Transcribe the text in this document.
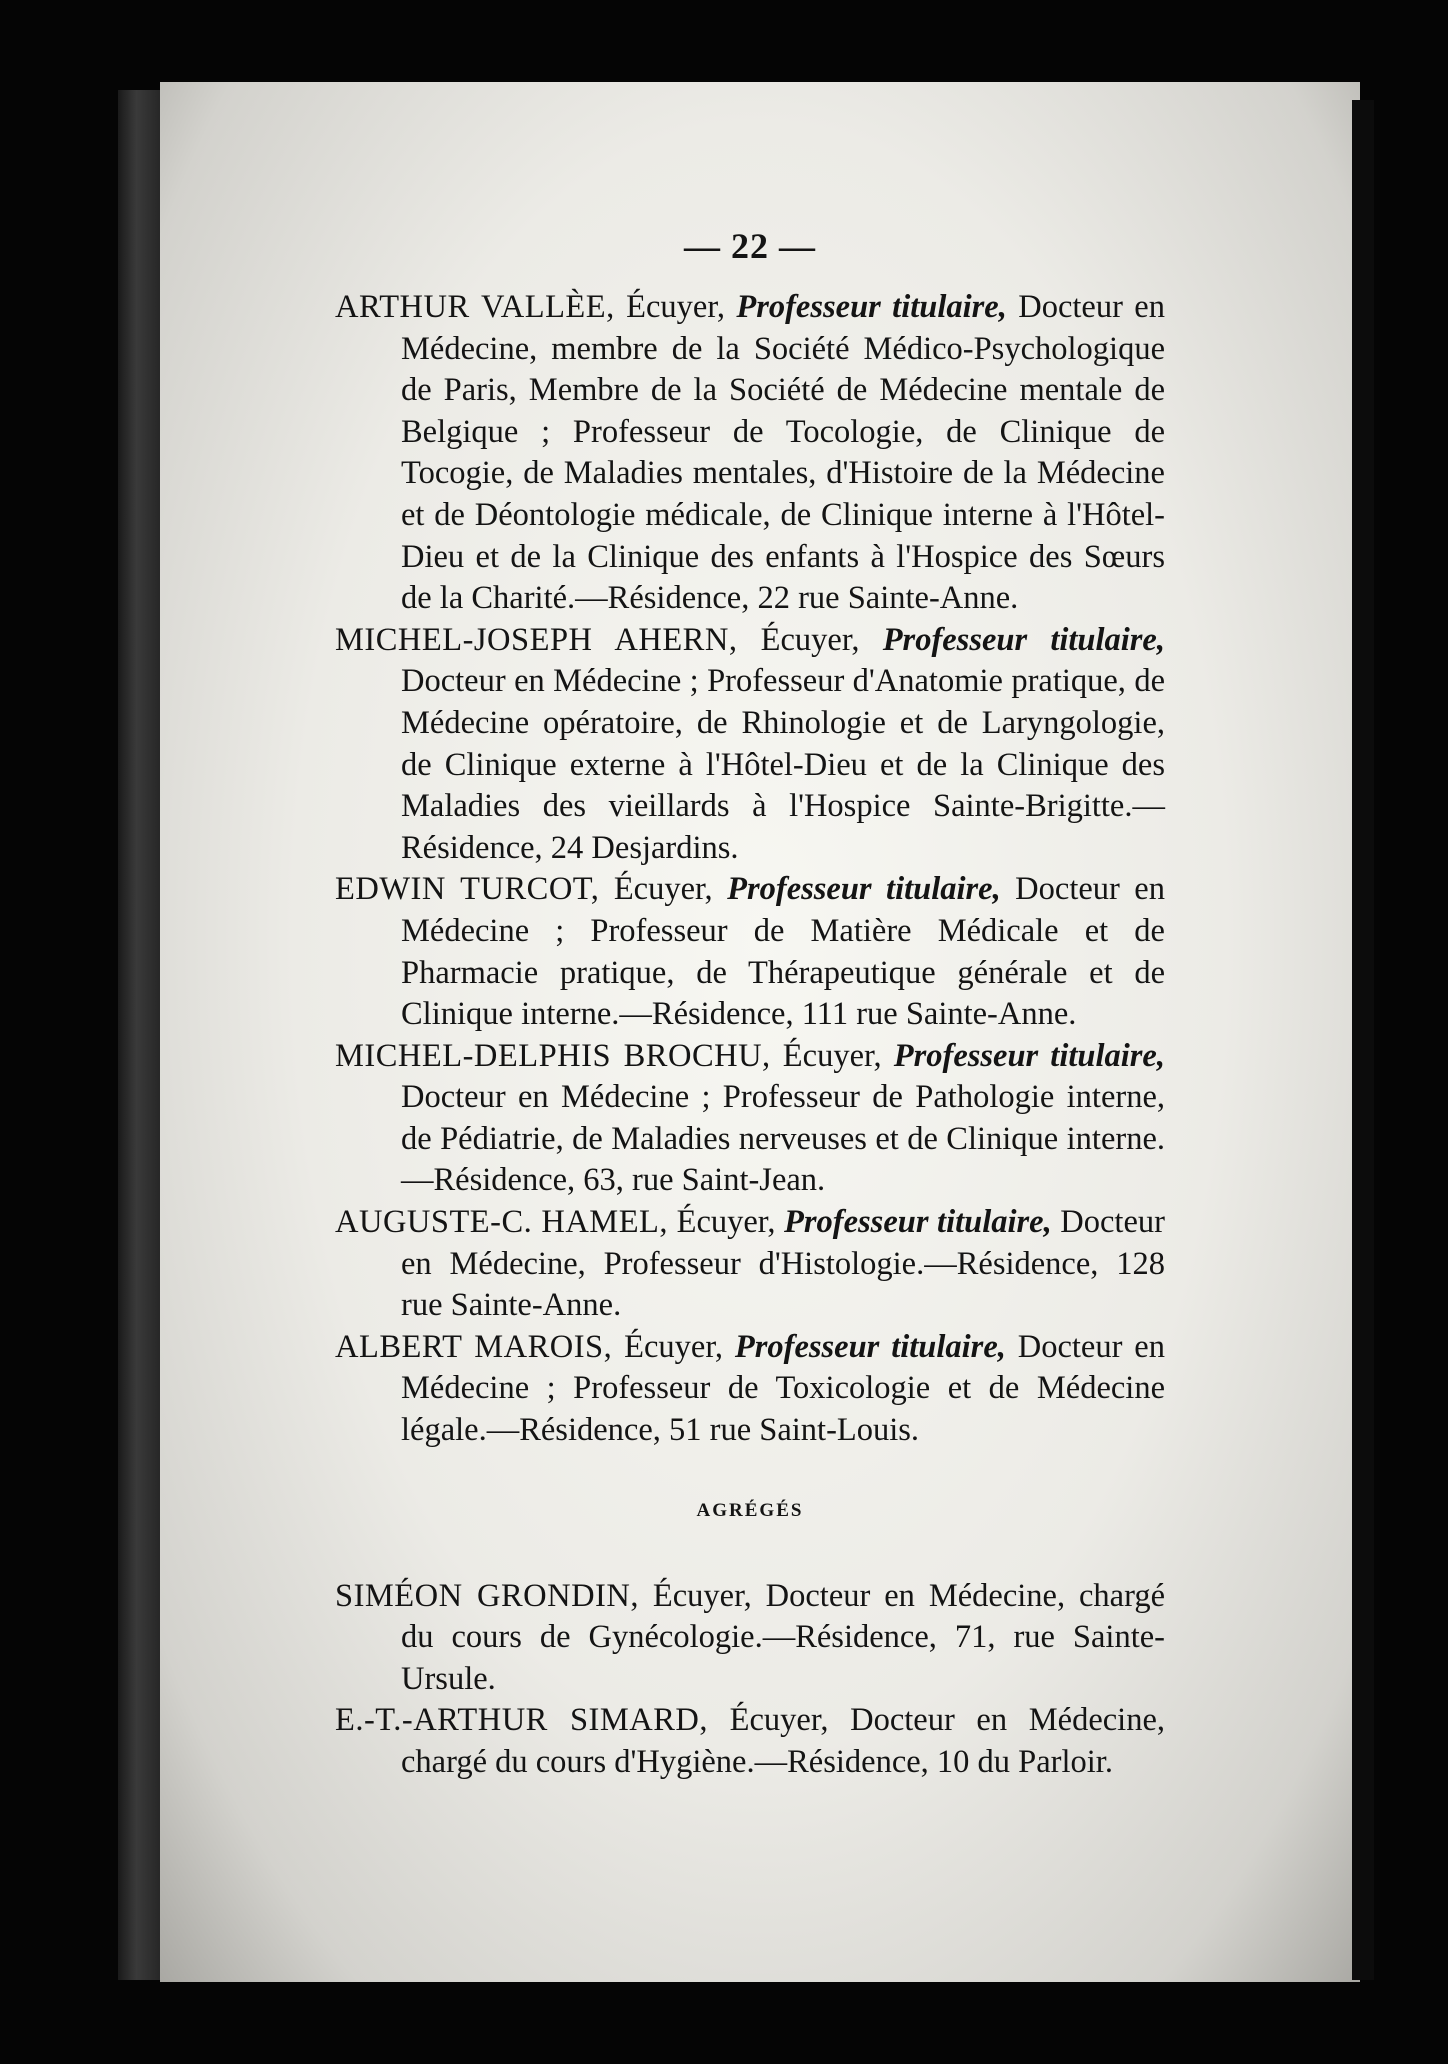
— 22 —

ARTHUR VALLÈE, Écuyer, Professeur titulaire, Docteur en Médecine, membre de la Société Médico-Psychologique de Paris, Membre de la Société de Médecine mentale de Belgique ; Professeur de Tocologie, de Clinique de Tocogie, de Maladies mentales, d'Histoire de la Médecine et de Déontologie médicale, de Clinique interne à l'Hôtel-Dieu et de la Clinique des enfants à l'Hospice des Sœurs de la Charité.—Résidence, 22 rue Sainte-Anne.

MICHEL-JOSEPH AHERN, Écuyer, Professeur titulaire, Docteur en Médecine ; Professeur d'Anatomie pratique, de Médecine opératoire, de Rhinologie et de Laryngologie, de Clinique externe à l'Hôtel-Dieu et de la Clinique des Maladies des vieillards à l'Hospice Sainte-Brigitte.—Résidence, 24 Desjardins.

EDWIN TURCOT, Écuyer, Professeur titulaire, Docteur en Médecine ; Professeur de Matière Médicale et de Pharmacie pratique, de Thérapeutique générale et de Clinique interne.—Résidence, 111 rue Sainte-Anne.

MICHEL-DELPHIS BROCHU, Écuyer, Professeur titulaire, Docteur en Médecine ; Professeur de Pathologie interne, de Pédiatrie, de Maladies nerveuses et de Clinique interne.—Résidence, 63, rue Saint-Jean.

AUGUSTE-C. HAMEL, Écuyer, Professeur titulaire, Docteur en Médecine, Professeur d'Histologie.—Résidence, 128 rue Sainte-Anne.

ALBERT MAROIS, Écuyer, Professeur titulaire, Docteur en Médecine ; Professeur de Toxicologie et de Médecine légale.—Résidence, 51 rue Saint-Louis.

AGRÉGÉS

SIMÉON GRONDIN, Écuyer, Docteur en Médecine, chargé du cours de Gynécologie.—Résidence, 71, rue Sainte-Ursule.

E.-T.-ARTHUR SIMARD, Écuyer, Docteur en Médecine, chargé du cours d'Hygiène.—Résidence, 10 du Parloir.
